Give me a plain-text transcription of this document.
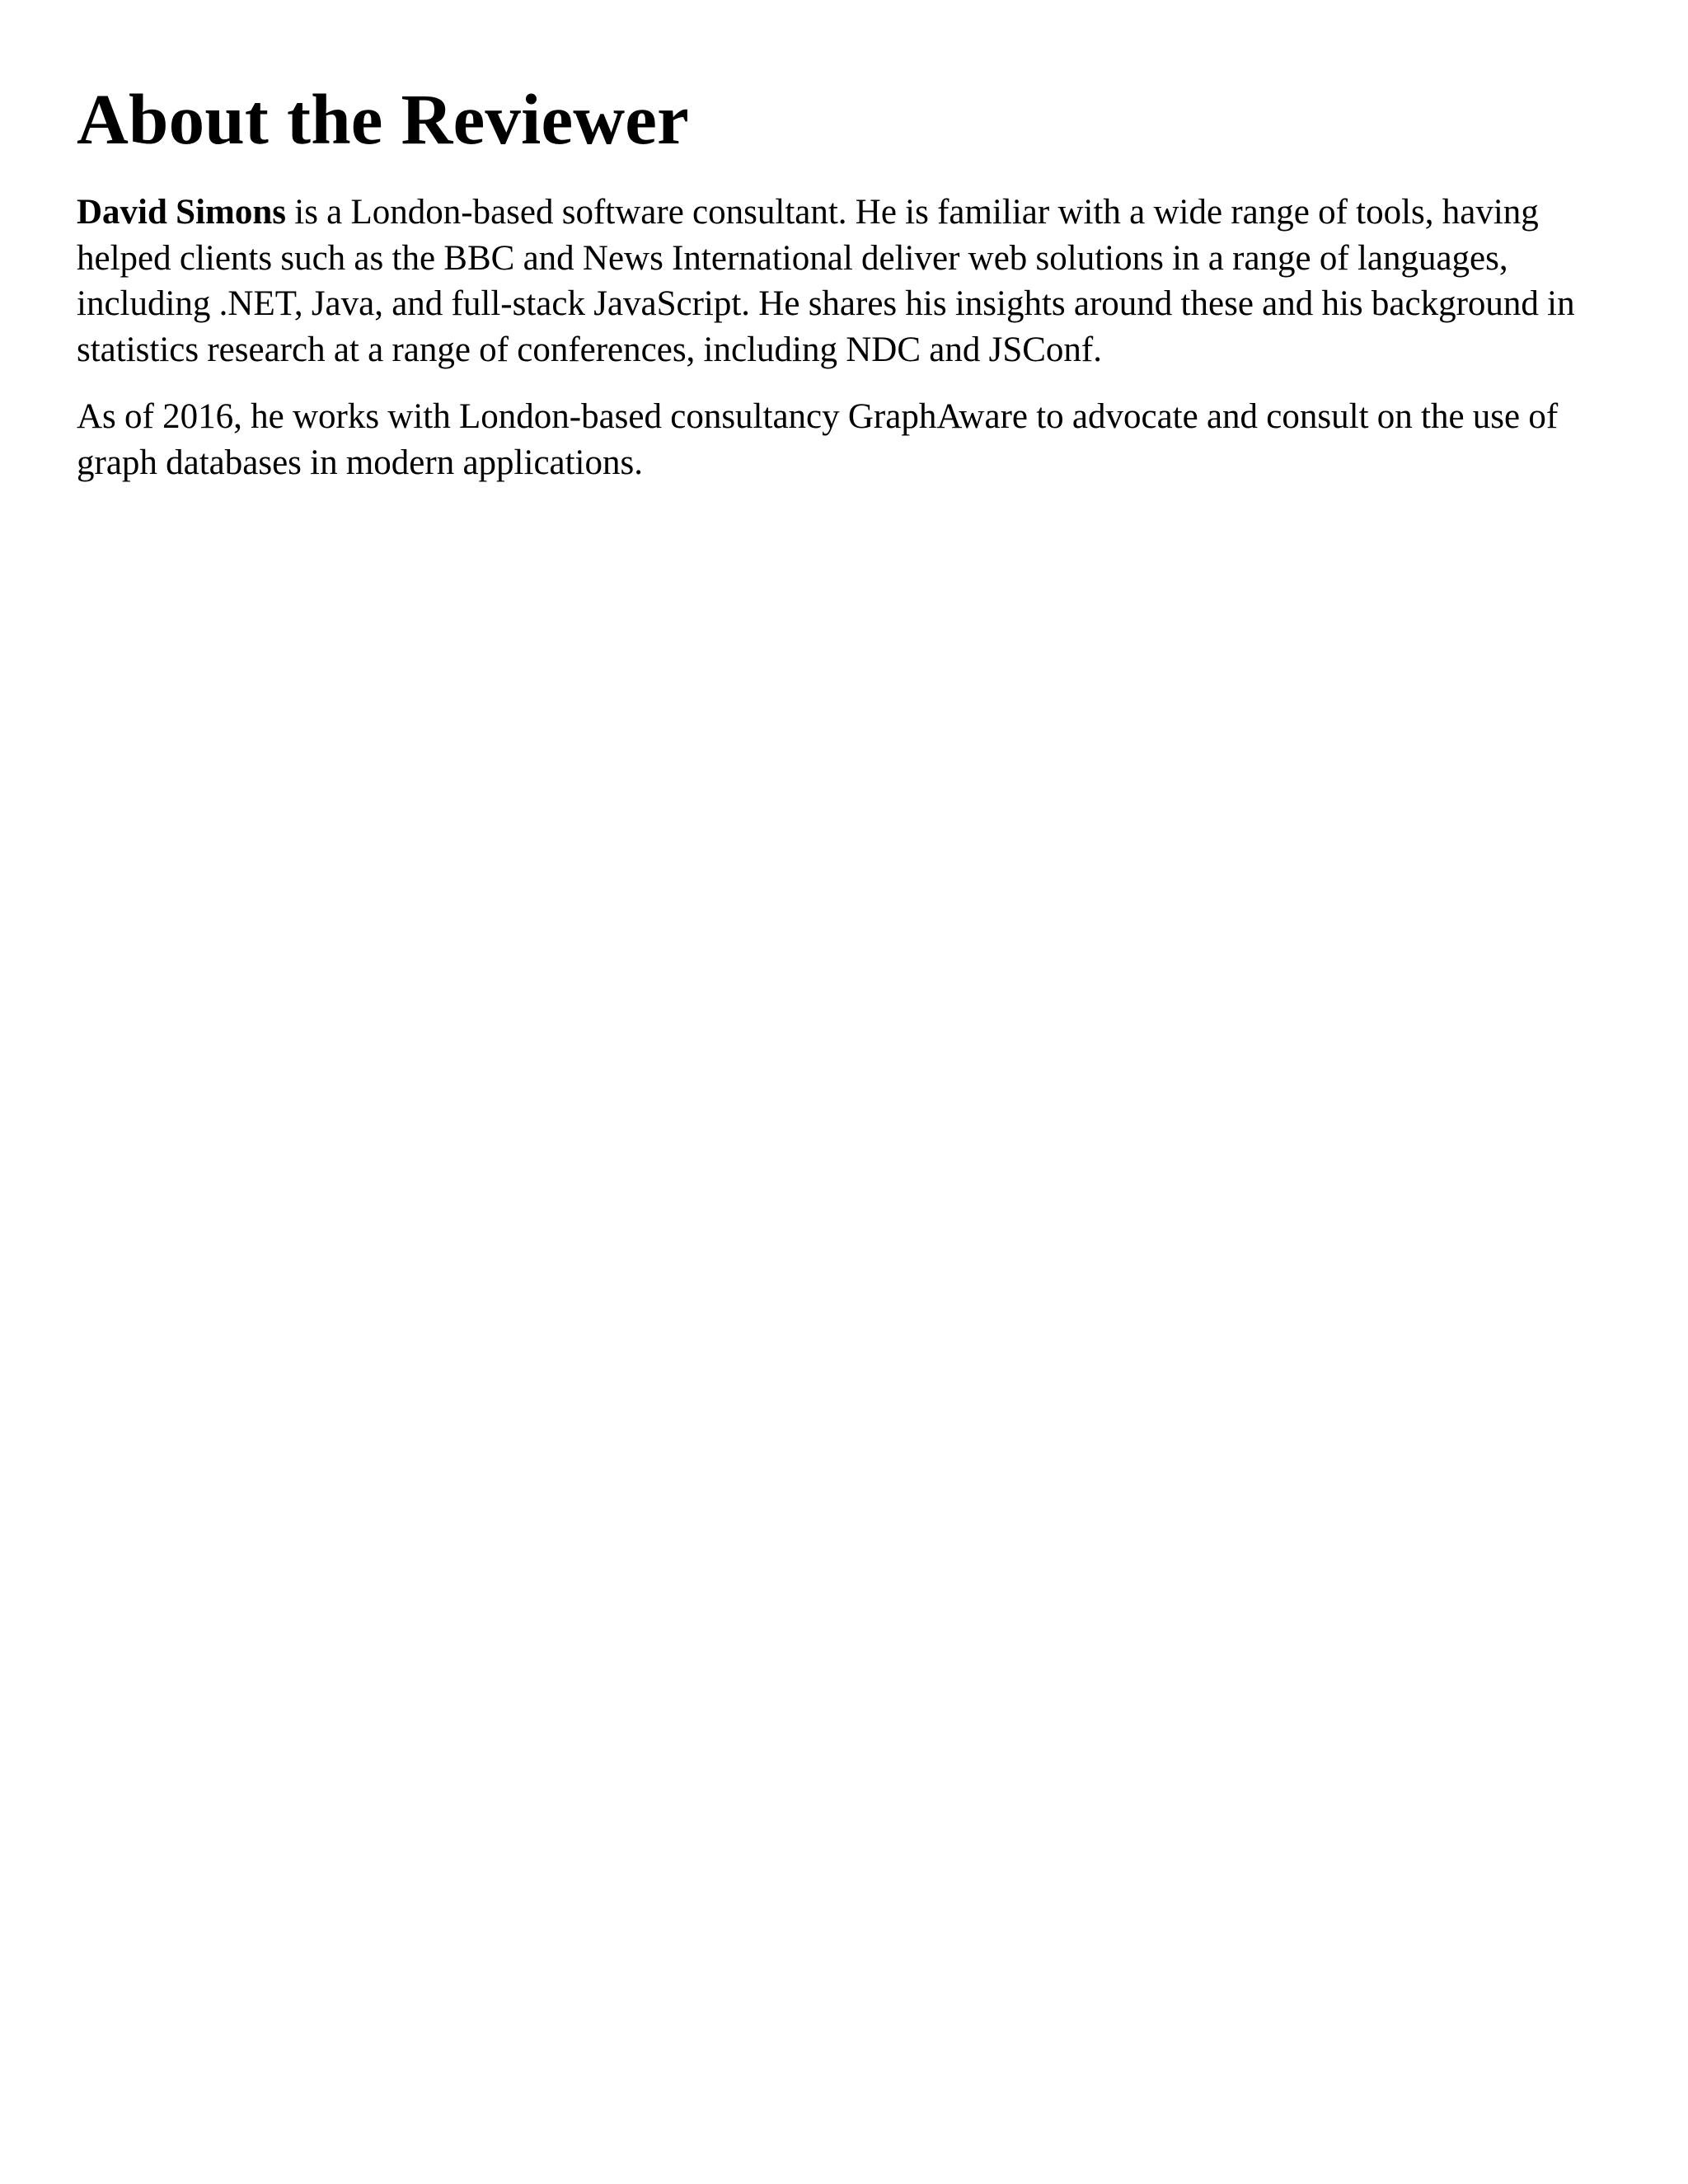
About the Reviewer

David Simons is a London-based software consultant. He is familiar with a wide range of tools, having helped clients such as the BBC and News International deliver web solutions in a range of languages, including .NET, Java, and full-stack JavaScript. He shares his insights around these and his background in statistics research at a range of conferences, including NDC and JSConf.

As of 2016, he works with London-based consultancy GraphAware to advocate and consult on the use of graph databases in modern applications.
